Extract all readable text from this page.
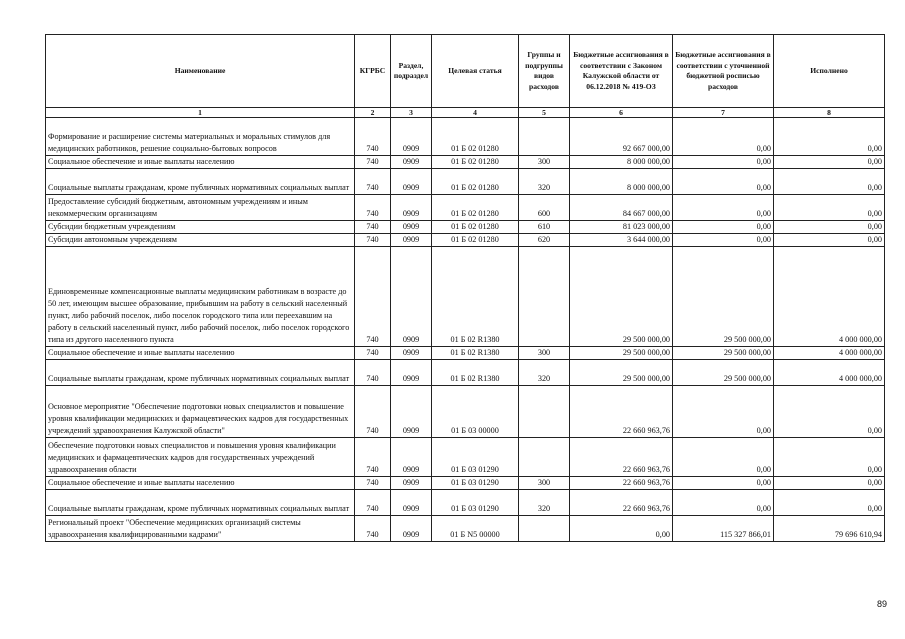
Наименование	КГРБС	Раздел, подраздел	Целевая статья	Группы и подгруппы видов расходов	Бюджетные ассигнования в соответствии с Законом Калужской области от 06.12.2018 № 419-ОЗ	Бюджетные ассигнования в соответствии с уточненной бюджетной росписью расходов	Исполнено
1	2	3	4	5	6	7	8
Формирование и расширение системы материальных и моральных стимулов для медицинских работников, решение социально-бытовых вопросов	740	0909	01 Б 02 01280		92 667 000,00	0,00	0,00
Социальное обеспечение и иные выплаты населению	740	0909	01 Б 02 01280	300	8 000 000,00	0,00	0,00
Социальные выплаты гражданам, кроме публичных нормативных социальных выплат	740	0909	01 Б 02 01280	320	8 000 000,00	0,00	0,00
Предоставление субсидий бюджетным, автономным учреждениям и иным некоммерческим организациям	740	0909	01 Б 02 01280	600	84 667 000,00	0,00	0,00
Субсидии бюджетным учреждениям	740	0909	01 Б 02 01280	610	81 023 000,00	0,00	0,00
Субсидии автономным учреждениям	740	0909	01 Б 02 01280	620	3 644 000,00	0,00	0,00
Единовременные компенсационные выплаты медицинским работникам в возрасте до 50 лет, имеющим высшее образование, прибывшим на работу в сельский населенный пункт, либо рабочий поселок, либо поселок городского типа или переехавшим на работу в сельский населенный пункт, либо рабочий поселок, либо поселок городского типа из другого населенного пункта	740	0909	01 Б 02 R1380		29 500 000,00	29 500 000,00	4 000 000,00
Социальное обеспечение и иные выплаты населению	740	0909	01 Б 02 R1380	300	29 500 000,00	29 500 000,00	4 000 000,00
Социальные выплаты гражданам, кроме публичных нормативных социальных выплат	740	0909	01 Б 02 R1380	320	29 500 000,00	29 500 000,00	4 000 000,00
Основное мероприятие "Обеспечение подготовки новых специалистов и повышение уровня квалификации медицинских и фармацевтических кадров для государственных учреждений здравоохранения Калужской области"	740	0909	01 Б 03 00000		22 660 963,76	0,00	0,00
Обеспечение подготовки новых специалистов и повышения уровня квалификации медицинских и фармацевтических кадров для государственных учреждений здравоохранения области	740	0909	01 Б 03 01290		22 660 963,76	0,00	0,00
Социальное обеспечение и иные выплаты населению	740	0909	01 Б 03 01290	300	22 660 963,76	0,00	0,00
Социальные выплаты гражданам, кроме публичных нормативных социальных выплат	740	0909	01 Б 03 01290	320	22 660 963,76	0,00	0,00
Региональный проект "Обеспечение медицинских организаций системы здравоохранения квалифицированными кадрами"	740	0909	01 Б N5 00000		0,00	115 327 866,01	79 696 610,94
89
